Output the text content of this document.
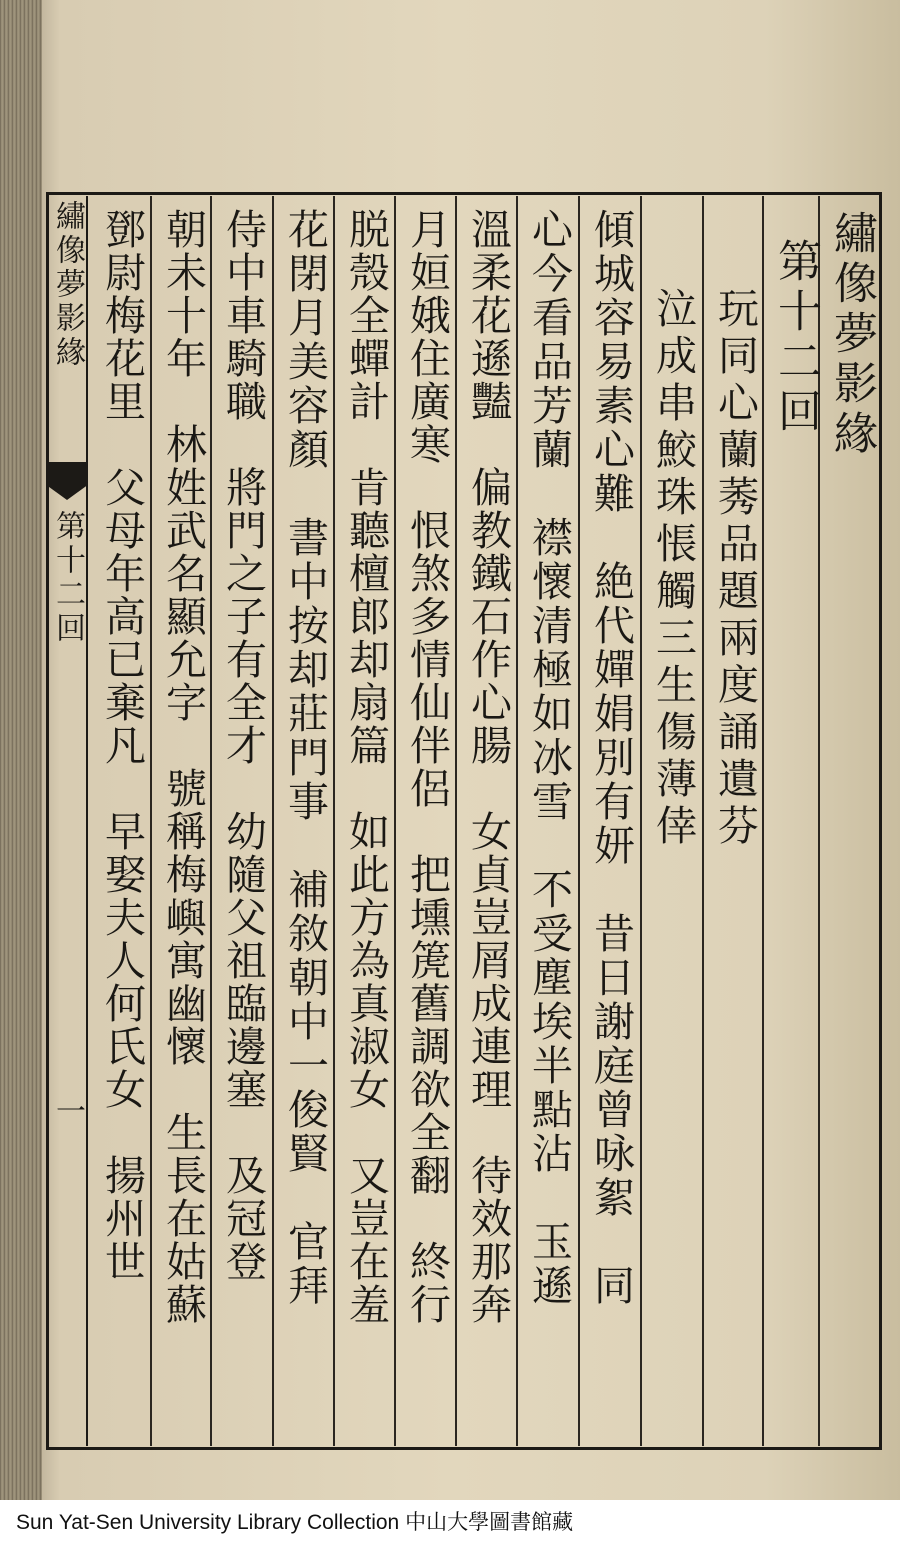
繡像夢影緣
第十二回
一
繡像夢影緣
第十二回
　玩同心蘭莠品題兩度誦遺芬
　泣成串鮫珠悵觸三生傷薄倖
傾城容易素心難　絶代嬋娟別有妍　昔日謝庭曾咏絮　同
心今看品芳蘭　襟懷清極如冰雪　不受塵埃半點沾　玉遜
溫柔花遜豔　偏教鐵石作心腸　女貞豈屑成連理　待效那奔
月姮娥住廣寒　恨煞多情仙伴侶　把壎箎舊調欲全翻　終行
脱殼全蟬計　肯聽檀郎却扇篇　如此方為真淑女　又豈在羞
花閉月美容顏　書中按却莊門事　補敘朝中一俊賢　官拜
侍中車騎職　將門之子有全才　幼隨父祖臨邊塞　及冠登
朝未十年　林姓武名顯允字　號稱梅嶼寓幽懷　生長在姑蘇
鄧尉梅花里　父母年高已棄凡　早娶夫人何氏女　揚州世
Sun Yat-Sen University Library Collection 中山大學圖書館藏
